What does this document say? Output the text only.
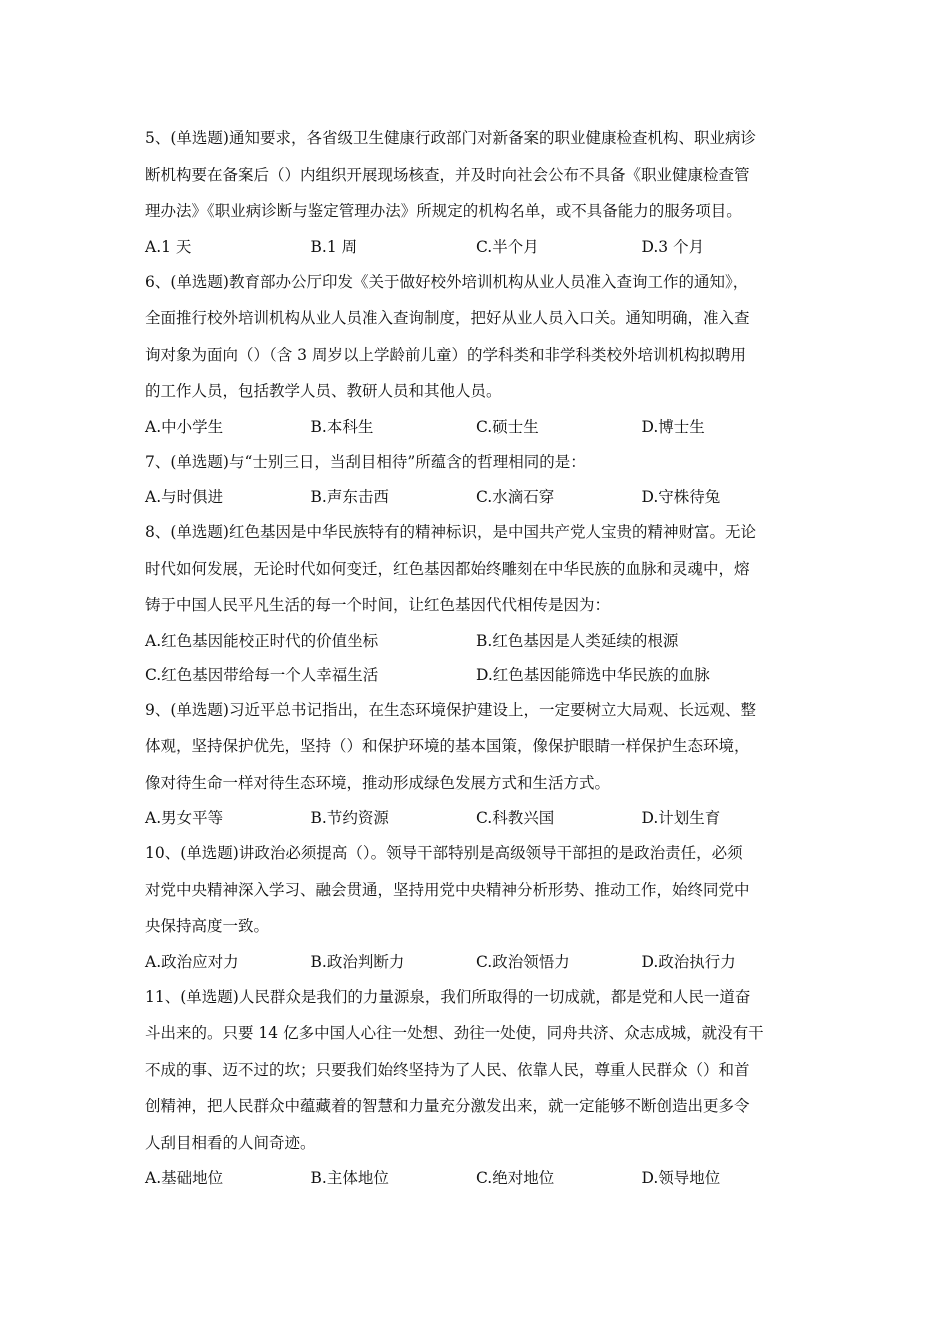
5、(单选题)通知要求，各省级卫生健康行政部门对新备案的职业健康检查机构、职业病诊
断机构要在备案后（）内组织开展现场核查，并及时向社会公布不具备《职业健康检查管
理办法》《职业病诊断与鉴定管理办法》所规定的机构名单，或不具备能力的服务项目。
A.1 天	B.1 周	C.半个月	D.3 个月
6、(单选题)教育部办公厅印发《关于做好校外培训机构从业人员准入查询工作的通知》，
全面推行校外培训机构从业人员准入查询制度，把好从业人员入口关。通知明确，准入查
询对象为面向（）（含 3 周岁以上学龄前儿童）的学科类和非学科类校外培训机构拟聘用
的工作人员，包括教学人员、教研人员和其他人员。
A.中小学生	B.本科生	C.硕士生	D.博士生
7、(单选题)与“士别三日，当刮目相待”所蕴含的哲理相同的是：
A.与时俱进	B.声东击西	C.水滴石穿	D.守株待兔
8、(单选题)红色基因是中华民族特有的精神标识，是中国共产党人宝贵的精神财富。无论
时代如何发展，无论时代如何变迁，红色基因都始终雕刻在中华民族的血脉和灵魂中，熔
铸于中国人民平凡生活的每一个时间，让红色基因代代相传是因为：
A.红色基因能校正时代的价值坐标	B.红色基因是人类延续的根源
C.红色基因带给每一个人幸福生活	D.红色基因能筛选中华民族的血脉
9、(单选题)习近平总书记指出，在生态环境保护建设上，一定要树立大局观、长远观、整
体观，坚持保护优先，坚持（）和保护环境的基本国策，像保护眼睛一样保护生态环境，
像对待生命一样对待生态环境，推动形成绿色发展方式和生活方式。
A.男女平等	B.节约资源	C.科教兴国	D.计划生育
10、(单选题)讲政治必须提高（）。领导干部特别是高级领导干部担的是政治责任，必须
对党中央精神深入学习、融会贯通，坚持用党中央精神分析形势、推动工作，始终同党中
央保持高度一致。
A.政治应对力	B.政治判断力	C.政治领悟力	D.政治执行力
11、(单选题)人民群众是我们的力量源泉，我们所取得的一切成就，都是党和人民一道奋
斗出来的。只要 14 亿多中国人心往一处想、劲往一处使，同舟共济、众志成城，就没有干
不成的事、迈不过的坎；只要我们始终坚持为了人民、依靠人民，尊重人民群众（）和首
创精神，把人民群众中蕴藏着的智慧和力量充分激发出来，就一定能够不断创造出更多令
人刮目相看的人间奇迹。
A.基础地位	B.主体地位	C.绝对地位	D.领导地位
